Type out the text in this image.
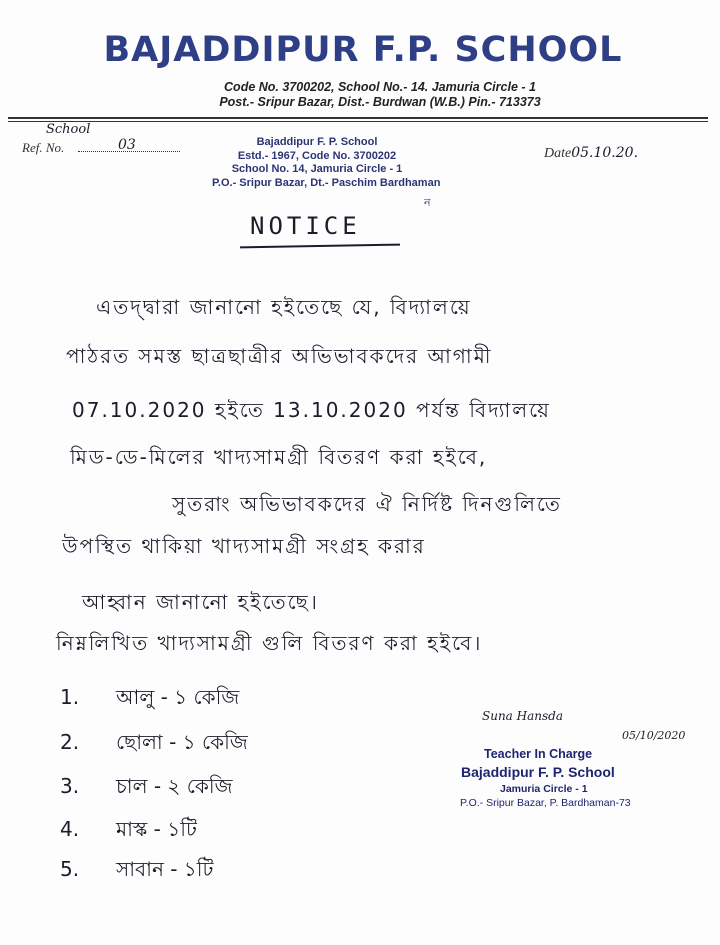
BAJADDIPUR F.P. SCHOOL
Code No. 3700202, School No.- 14. Jamuria Circle - 1
Post.- Sripur Bazar, Dist.- Burdwan (W.B.) Pin.- 713373
School
Ref. No.	03
Date05.10.20.
Bajaddipur F. P. School
Estd.- 1967, Code No. 3700202
School No. 14, Jamuria Circle - 1
P.O.- Sripur Bazar, Dt.- Paschim Bardhaman
ন
NOTICE
এতদ্দ্বারা জানানো হইতেছে যে, বিদ্যালয়ে
পাঠরত সমস্ত ছাত্রছাত্রীর অভিভাবকদের আগামী
07.10.2020 হইতে 13.10.2020 পর্যন্ত বিদ্যালয়ে
মিড-ডে-মিলের খাদ্যসামগ্রী বিতরণ করা হইবে,
সুতরাং অভিভাবকদের ঐ নির্দিষ্ট দিনগুলিতে
উপস্থিত থাকিয়া খাদ্যসামগ্রী সংগ্রহ করার
আহ্বান জানানো হইতেছে।
নিম্নলিখিত খাদ্যসামগ্রী গুলি বিতরণ করা হইবে।
1. আলু - ১ কেজি
2. ছোলা - ১ কেজি
3. চাল - ২ কেজি
4. মাস্ক - ১টি
5. সাবান - ১টি
Suna Hansda
05/10/2020
Teacher In Charge
Bajaddipur F. P. School
Jamuria Circle - 1
P.O.- Sripur Bazar, P. Bardhaman-73
